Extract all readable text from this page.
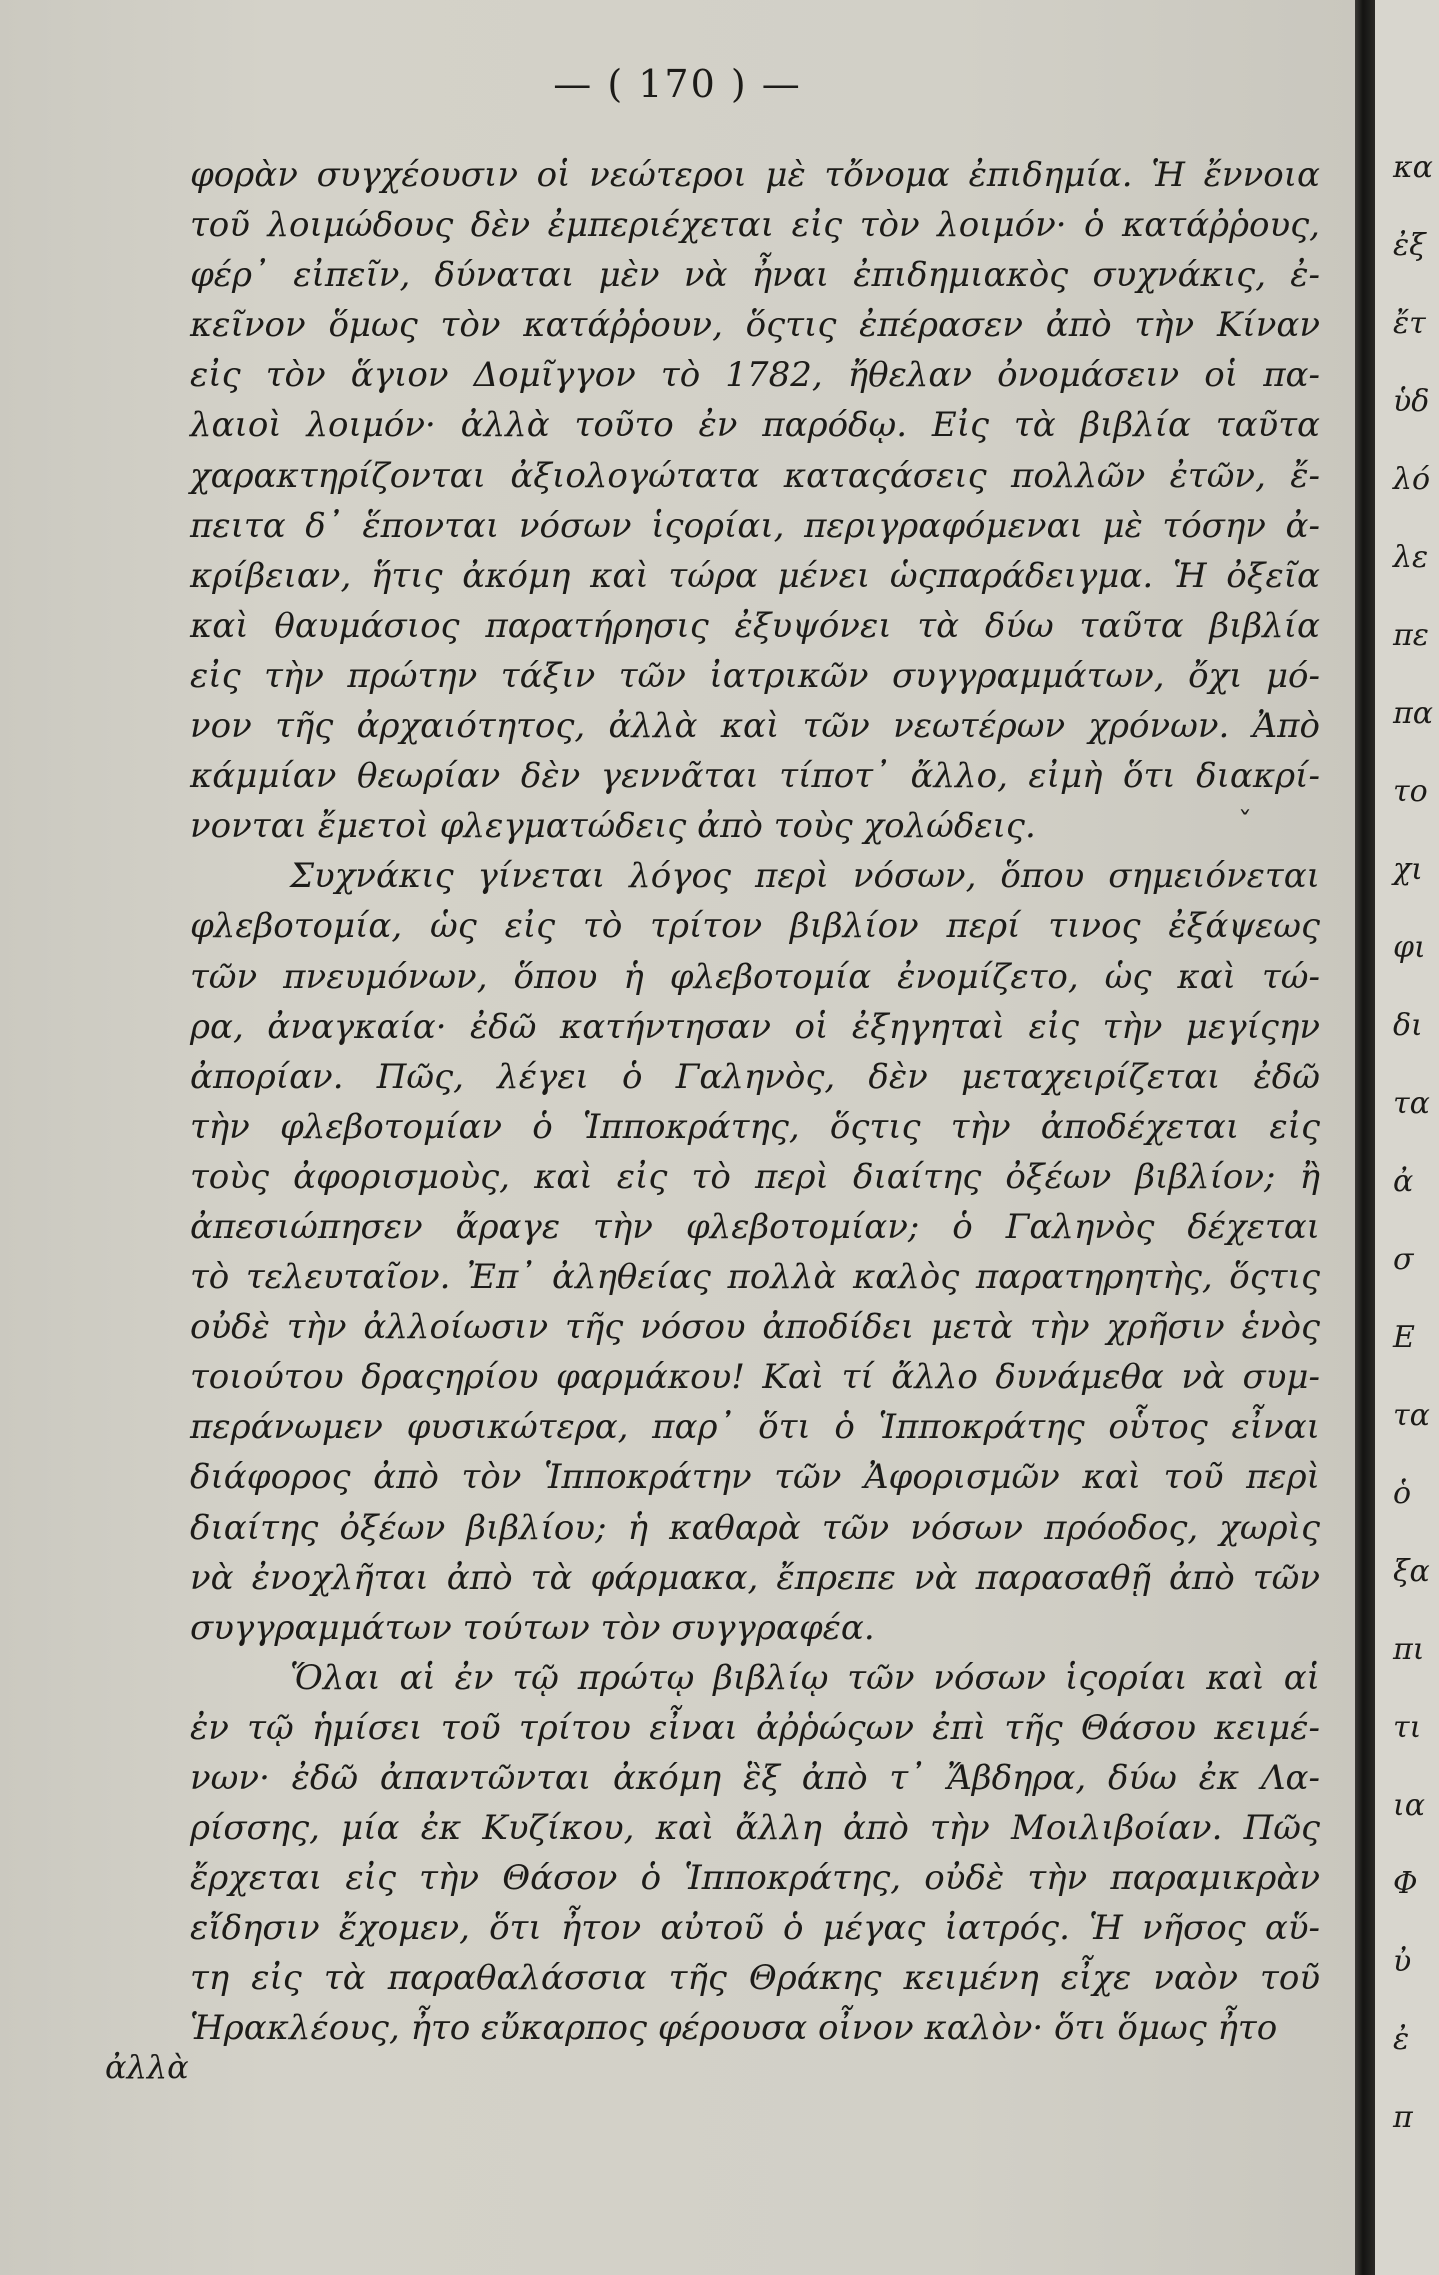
— ( 170 ) —
φορὰν συγχέουσιν οἱ νεώτεροι μὲ τὄνομα ἐπιδημία. Ἡ ἔννοια
τοῦ λοιμώδους δὲν ἐμπεριέχεται εἰς τὸν λοιμόν· ὁ κατάῤῥους,
φέρ᾽ εἰπεῖν, δύναται μὲν νὰ ἦναι ἐπιδημιακὸς συχνάκις, ἐ-
κεῖνον ὅμως τὸν κατάῤῥουν, ὅςτις ἐπέρασεν ἀπὸ τὴν Κίναν
εἰς τὸν ἅγιον Δομῖγγον τὸ 1782, ἤθελαν ὀνομάσειν οἱ πα-
λαιοὶ λοιμόν· ἀλλὰ τοῦτο ἐν παρόδῳ. Εἰς τὰ βιβλία ταῦτα
χαρακτηρίζονται ἀξιολογώτατα καταςάσεις πολλῶν ἐτῶν, ἔ-
πειτα δ᾽ ἕπονται νόσων ἱςορίαι, περιγραφόμεναι μὲ τόσην ἀ-
κρίβειαν, ἥτις ἀκόμη καὶ τώρα μένει ὡςπαράδειγμα. Ἡ ὀξεῖα
καὶ θαυμάσιος παρατήρησις ἐξυψόνει τὰ δύω ταῦτα βιβλία
εἰς τὴν πρώτην τάξιν τῶν ἰατρικῶν συγγραμμάτων, ὄχι μό-
νον τῆς ἀρχαιότητος, ἀλλὰ καὶ τῶν νεωτέρων χρόνων. Ἀπὸ
κάμμίαν θεωρίαν δὲν γεννᾶται τίποτ᾽ ἄλλο, εἰμὴ ὅτι διακρί-
νονται ἔμετοὶ φλεγματώδεις ἀπὸ τοὺς χολώδεις.
Συχνάκις γίνεται λόγος περὶ νόσων, ὅπου σημειόνεται
φλεβοτομία, ὡς εἰς τὸ τρίτον βιβλίον περί τινος ἐξάψεως
τῶν πνευμόνων, ὅπου ἡ φλεβοτομία ἐνομίζετο, ὡς καὶ τώ-
ρα, ἀναγκαία· ἐδῶ κατήντησαν οἱ ἐξηγηταὶ εἰς τὴν μεγίςην
ἀπορίαν. Πῶς, λέγει ὁ Γαληνὸς, δὲν μεταχειρίζεται ἐδῶ
τὴν φλεβοτομίαν ὁ Ἱπποκράτης, ὅςτις τὴν ἀποδέχεται εἰς
τοὺς ἀφορισμοὺς, καὶ εἰς τὸ περὶ διαίτης ὀξέων βιβλίον; ἢ
ἀπεσιώπησεν ἄραγε τὴν φλεβοτομίαν; ὁ Γαληνὸς δέχεται
τὸ τελευταῖον. Ἐπ᾽ ἀληθείας πολλὰ καλὸς παρατηρητὴς, ὅςτις
οὐδὲ τὴν ἀλλοίωσιν τῆς νόσου ἀποδίδει μετὰ τὴν χρῆσιν ἑνὸς
τοιούτου δραςηρίου φαρμάκου! Καὶ τί ἄλλο δυνάμεθα νὰ συμ-
περάνωμεν φυσικώτερα, παρ᾽ ὅτι ὁ Ἱπποκράτης οὗτος εἶναι
διάφορος ἀπὸ τὸν Ἱπποκράτην τῶν Ἀφορισμῶν καὶ τοῦ περὶ
διαίτης ὀξέων βιβλίου; ἡ καθαρὰ τῶν νόσων πρόοδος, χωρὶς
νὰ ἐνοχλῆται ἀπὸ τὰ φάρμακα, ἔπρεπε νὰ παρασαθῇ ἀπὸ τῶν
συγγραμμάτων τούτων τὸν συγγραφέα.
Ὅλαι αἱ ἐν τῷ πρώτῳ βιβλίῳ τῶν νόσων ἱςορίαι καὶ αἱ
ἐν τῷ ἡμίσει τοῦ τρίτου εἶναι ἀῤῥώςων ἐπὶ τῆς Θάσου κειμέ-
νων· ἐδῶ ἀπαντῶνται ἀκόμη ἓξ ἀπὸ τ᾽ Ἄβδηρα, δύω ἐκ Λα-
ρίσσης, μία ἐκ Κυζίκου, καὶ ἄλλη ἀπὸ τὴν Μοιλιβοίαν. Πῶς
ἔρχεται εἰς τὴν Θάσον ὁ Ἱπποκράτης, οὐδὲ τὴν παραμικρὰν
εἴδησιν ἔχομεν, ὅτι ἦτον αὐτοῦ ὁ μέγας ἰατρός. Ἡ νῆσος αὕ-
τη εἰς τὰ παραθαλάσσια τῆς Θράκης κειμένη εἶχε ναὸν τοῦ
Ἡρακλέους, ἦτο εὔκαρπος φέρουσα οἶνον καλὸν· ὅτι ὅμως ἦτο
ˇ
ἀλλὰ
κα
ἐξ
ἔτ
ὑδ
λό
λε
πε
πα
το
χι
φι
δι
τα
ἀ
σ
Ε
τα
ὁ
ξα
πι
τι
ια
Φ
ὐ
ἐ
π
